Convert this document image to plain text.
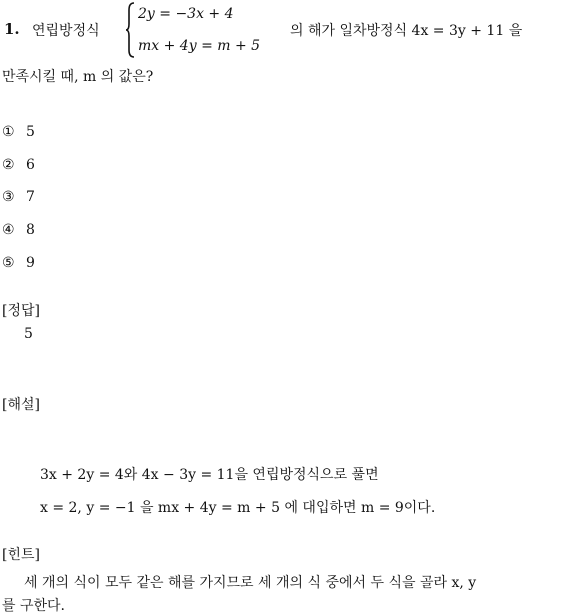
1. 연립방정식
2y = −3x + 4
mx + 4y = m + 5
의 해가 일차방정식 4x = 3y + 11 을
만족시킬 때, m 의 값은?
① 5
② 6
③ 7
④ 8
⑤ 9
[정답]
5
[해설]
3x + 2y = 4와 4x − 3y = 11을 연립방정식으로 풀면
x = 2, y = −1 을 mx + 4y = m + 5 에 대입하면 m = 9이다.
[힌트]
세 개의 식이 모두 같은 해를 가지므로 세 개의 식 중에서 두 식을 골라 x, y
를 구한다.
